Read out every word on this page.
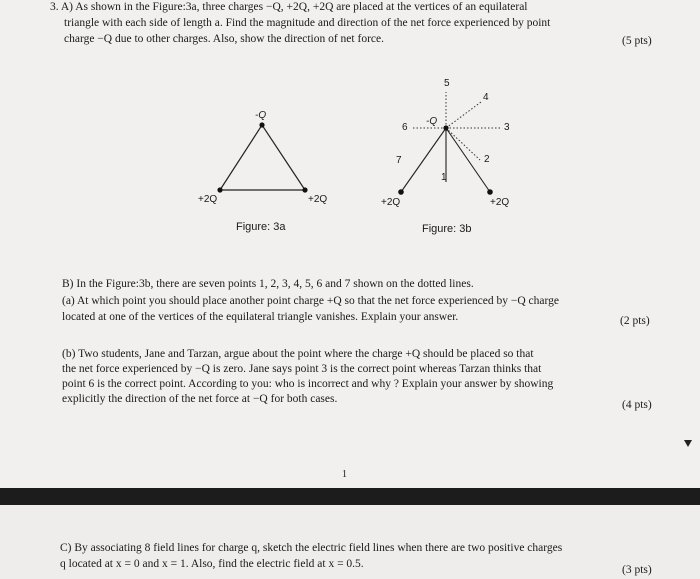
3. A) As shown in the Figure:3a, three charges −Q, +2Q, +2Q are placed at the vertices of an equilateral
triangle with each side of length a. Find the magnitude and direction of the net force experienced by point
charge −Q due to other charges. Also, show the direction of net force.	(5 pts)
-Q
+2Q	+2Q
Figure: 3a
-Q
+2Q	+2Q
1
2
3
4
5
6
7
Figure: 3b
B) In the Figure:3b, there are seven points 1, 2, 3, 4, 5, 6 and 7 shown on the dotted lines.
(a) At which point you should place another point charge +Q so that the net force experienced by −Q charge
located at one of the vertices of the equilateral triangle vanishes. Explain your answer.	(2 pts)
(b) Two students, Jane and Tarzan, argue about the point where the charge +Q should be placed so that
the net force experienced by −Q is zero. Jane says point 3 is the correct point whereas Tarzan thinks that
point 6 is the correct point. According to you: who is incorrect and why ? Explain your answer by showing
explicitly the direction of the net force at −Q for both cases.	(4 pts)
1
C) By associating 8 field lines for charge q, sketch the electric field lines when there are two positive charges
q located at x = 0 and x = 1. Also, find the electric field at x = 0.5.	(3 pts)
